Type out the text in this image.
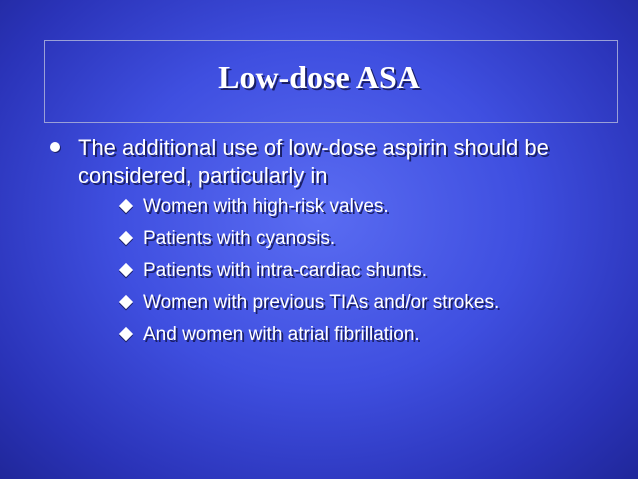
Low-dose ASA
The additional use of low-dose aspirin should be considered, particularly in
Women with high-risk valves.
Patients with cyanosis.
Patients with intra-cardiac shunts.
Women with previous TIAs and/or strokes.
And women with atrial fibrillation.
